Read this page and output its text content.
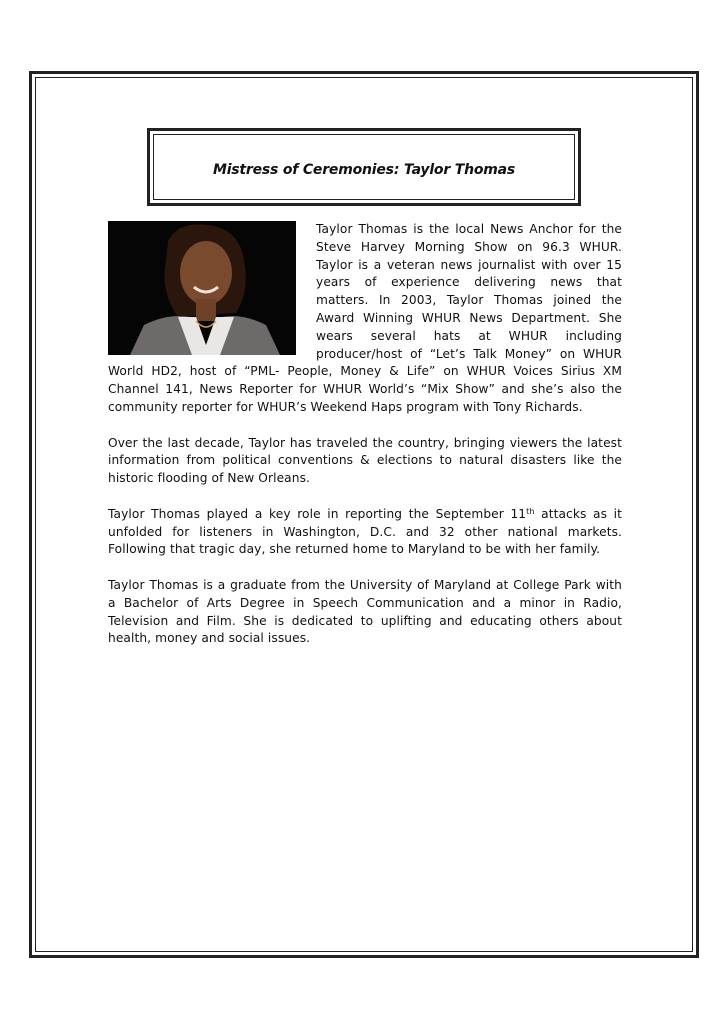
Mistress of Ceremonies: Taylor Thomas

Taylor Thomas is the local News Anchor for the Steve Harvey Morning Show on 96.3 WHUR. Taylor is a veteran news journalist with over 15 years of experience delivering news that matters. In 2003, Taylor Thomas joined the Award Winning WHUR News Department. She wears several hats at WHUR including producer/host of “Let’s Talk Money” on WHUR World HD2, host of “PML- People, Money & Life” on WHUR Voices Sirius XM Channel 141, News Reporter for WHUR World’s “Mix Show” and she’s also the community reporter for WHUR’s Weekend Haps program with Tony Richards.

Over the last decade, Taylor has traveled the country, bringing viewers the latest information from political conventions & elections to natural disasters like the historic flooding of New Orleans.

Taylor Thomas played a key role in reporting the September 11th attacks as it unfolded for listeners in Washington, D.C. and 32 other national markets. Following that tragic day, she returned home to Maryland to be with her family.

Taylor Thomas is a graduate from the University of Maryland at College Park with a Bachelor of Arts Degree in Speech Communication and a minor in Radio, Television and Film. She is dedicated to uplifting and educating others about health, money and social issues.
